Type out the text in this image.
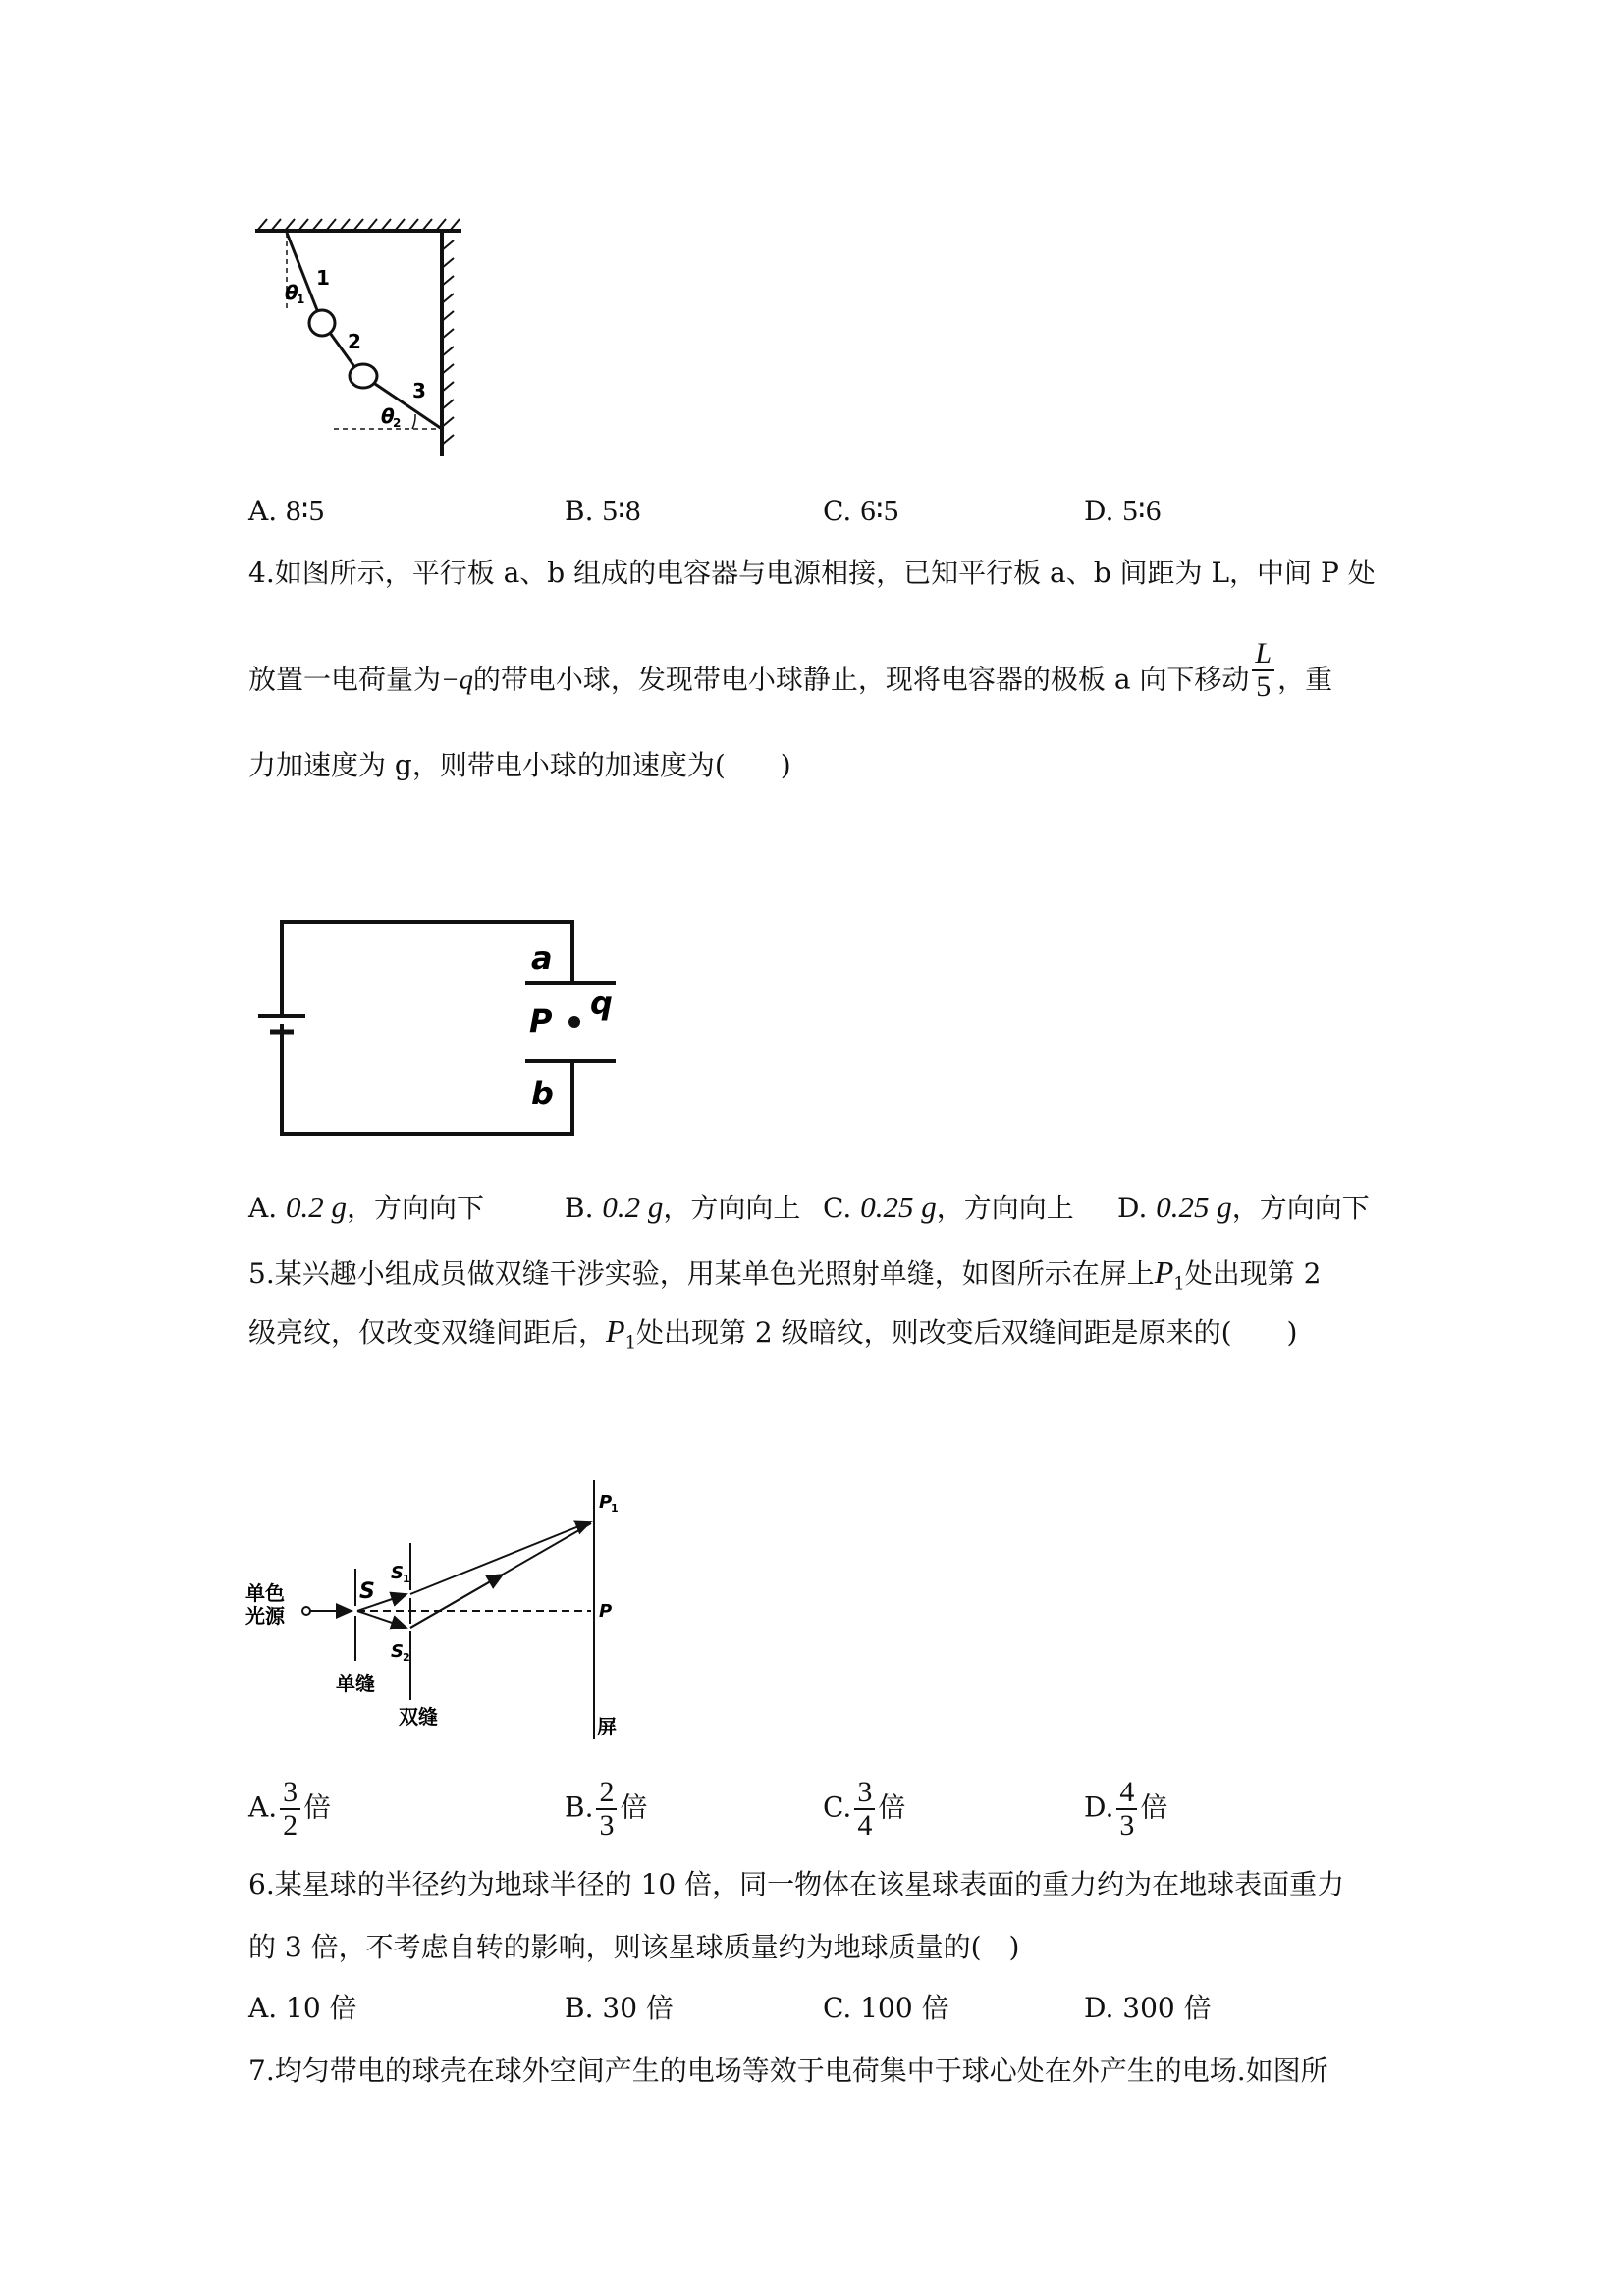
1
2
3
θ
1
θ
2
A. 8∶5	B. 5∶8	C. 6∶5	D. 5∶6
4.如图所示，平行板 a、b 组成的电容器与电源相接，已知平行板 a、b 间距为 L，中间 P 处
放置一电荷量为−q的带电小球，发现带电小球静止，现将电容器的极板 a 向下移动 $\frac{L}{5}$ ，重
力加速度为 g，则带电小球的加速度为(　　)
a
P q
b
A. 0.2 g，方向向下	B. 0.2 g，方向向上 C. 0.25 g，方向向上 D. 0.25 g，方向向下
5.某兴趣小组成员做双缝干涉实验，用某单色光照射单缝，如图所示在屏上$P_1$处出现第 2
级亮纹，仅改变双缝间距后，$P_1$处出现第 2 级暗纹，则改变后双缝间距是原来的(　　)
单色
光源
S
S 1
S 2
P
1
P
单缝
双缝	屏
A. $\frac{3}{2}$ 倍	B. $\frac{2}{3}$ 倍	C. $\frac{3}{4}$ 倍	D. $\frac{4}{3}$ 倍
6.某星球的半径约为地球半径的 10 倍，同一物体在该星球表面的重力约为在地球表面重力
的 3 倍，不考虑自转的影响，则该星球质量约为地球质量的(　)
A. 10 倍	B. 30 倍	C. 100 倍	D. 300 倍
7.均匀带电的球壳在球外空间产生的电场等效于电荷集中于球心处在外产生的电场.如图所
